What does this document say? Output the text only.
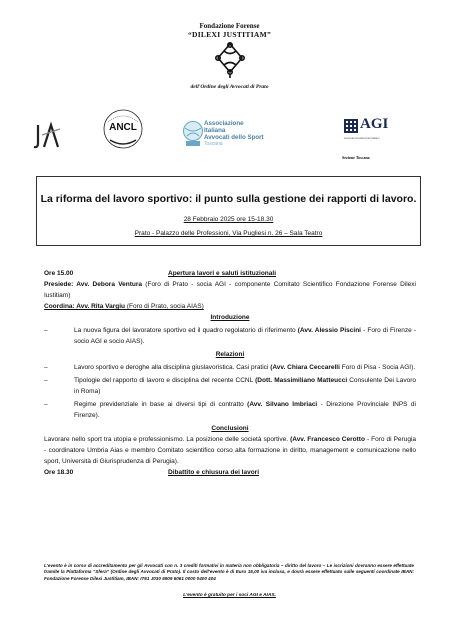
Fondazione Forense
“DILEXI JUSTITIAM”
dell'Ordine degli Avvocati di Prato
ANCL	Associazione
Italiana
Avvocati dello Sport
Toscana
AGI
Avvocati Giuslavoristi Italiani
Sezione Toscana
La riforma del lavoro sportivo: il punto sulla gestione dei rapporti di lavoro.
28 Febbraio 2025 ore 15-18.30
Prato - Palazzo delle Professioni, Via Pugliesi n. 26 – Sala Teatro
Ore 15.00	Apertura lavori e saluti istituzionali
Presiede: Avv. Debora Ventura (Foro di Prato - socia AGI - componente Comitato Scientifico Fondazione Forense Dilexi Iustitiam)
Coordina: Avv. Rita Vargiu (Foro di Prato, socia AIAS)
Introduzione
–	La nuova figura del lavoratore sportivo ed il quadro regolatorio di riferimento (Avv. Alessio Piscini - Foro di Firenze - socio AGI e socio AIAS).
Relazioni
–	Lavoro sportivo e deroghe alla disciplina giuslavoristica. Casi pratici (Avv. Chiara Ceccarelli Foro di Pisa - Socia AGI).
–	Tipologie del rapporto di lavoro e disciplina del recente CCNL (Dott. Massimiliano Matteucci Consulente Dei Lavoro in Roma)
–	Regime previdenziale in base ai diversi tipi di contratto (Avv. Silvano Imbriaci - Direzione Provinciale INPS di Firenze).
Conclusioni
Lavorare nello sport tra utopia e professionismo. La posizione delle società sportive. (Avv. Francesco Cerotto - Foro di Perugia - coordinatore Umbria Aias e membro Comitato scientifico corso alta formazione in diritto, management e comunicazione nello sport, Università di Giurisprudenza di Perugia).
Ore 18.30	Dibattito e chiusura dei lavori
L'evento è in corso di accreditamento per gli Avvocati con n. 3 crediti formativi in materia non obbligatoria – diritto del lavoro – Le iscrizioni dovranno essere effettuate tramite la Piattaforma “Sfera” (Ordine degli Avvocati di Prato). Il costo dell'evento è di Euro 15,00 iva inclusa, e dovrà essere effettuato sulle seguenti coordinate IBAN: Fondazione Forense Dilexi Justitiam, IBAN: IT61 J030 6909 6061 0000 0400 404
L'evento è gratuito per i soci AGI e AIAS.
